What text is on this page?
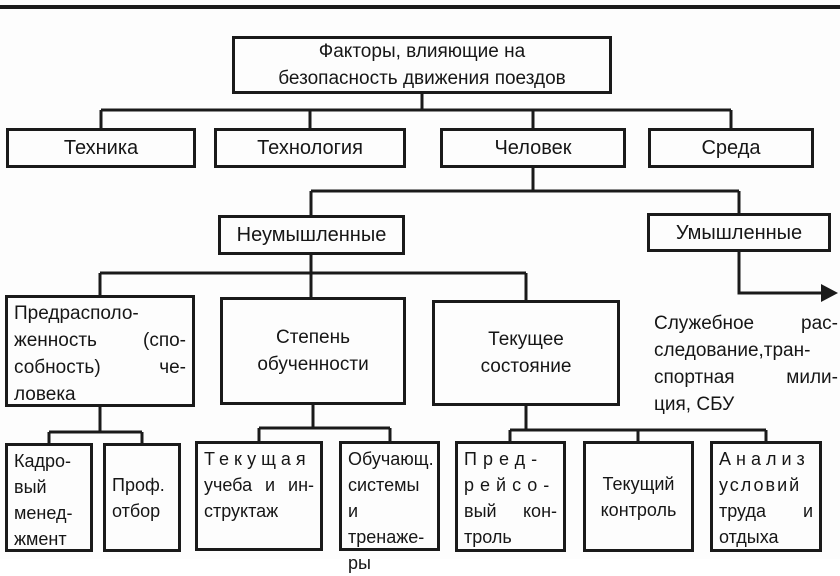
Факторы, влияющие на
безопасность движения поездов
Техника	Технология	Человек	Среда
Неумышленные	Умышленные
Предрасполо-
женность (спо-
собность) че-
ловека
Степень
обученности
Текущее
состояние
Служебное рас-
следование,тран-
спортная мили-
ция, СБУ
Кадро-
вый
менед-
жмент
Проф.
отбор
Текущая
учеба и ин-
структаж
Обучающ.
системы и
тренаже-
ры
Пред-
рейсо-
вый кон-
троль
Текущий
контроль
Анализ
условий
труда и
отдыха
